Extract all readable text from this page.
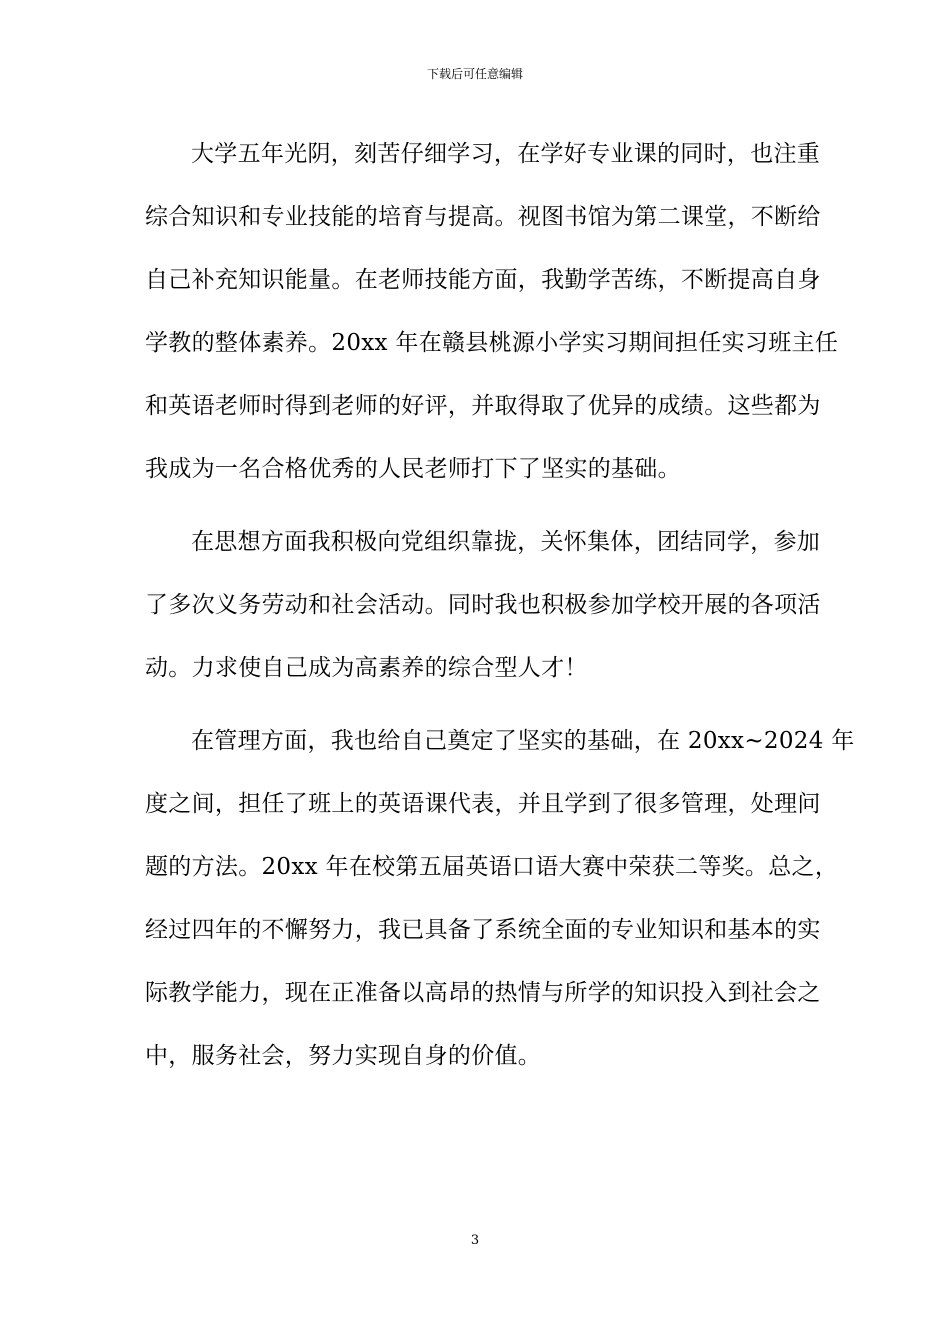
下载后可任意编辑
大学五年光阴，刻苦仔细学习，在学好专业课的同时，也注重
综合知识和专业技能的培育与提高。视图书馆为第二课堂，不断给
自己补充知识能量。在老师技能方面，我勤学苦练，不断提高自身
学教的整体素养。20xx 年在赣县桃源小学实习期间担任实习班主任
和英语老师时得到老师的好评，并取得取了优异的成绩。这些都为
我成为一名合格优秀的人民老师打下了坚实的基础。
在思想方面我积极向党组织靠拢，关怀集体，团结同学，参加
了多次义务劳动和社会活动。同时我也积极参加学校开展的各项活
动。力求使自己成为高素养的综合型人才！
在管理方面，我也给自己奠定了坚实的基础，在 20xx~2024 年
度之间，担任了班上的英语课代表，并且学到了很多管理，处理问
题的方法。20xx 年在校第五届英语口语大赛中荣获二等奖。总之，
经过四年的不懈努力，我已具备了系统全面的专业知识和基本的实
际教学能力，现在正准备以高昂的热情与所学的知识投入到社会之
中，服务社会，努力实现自身的价值。
3
